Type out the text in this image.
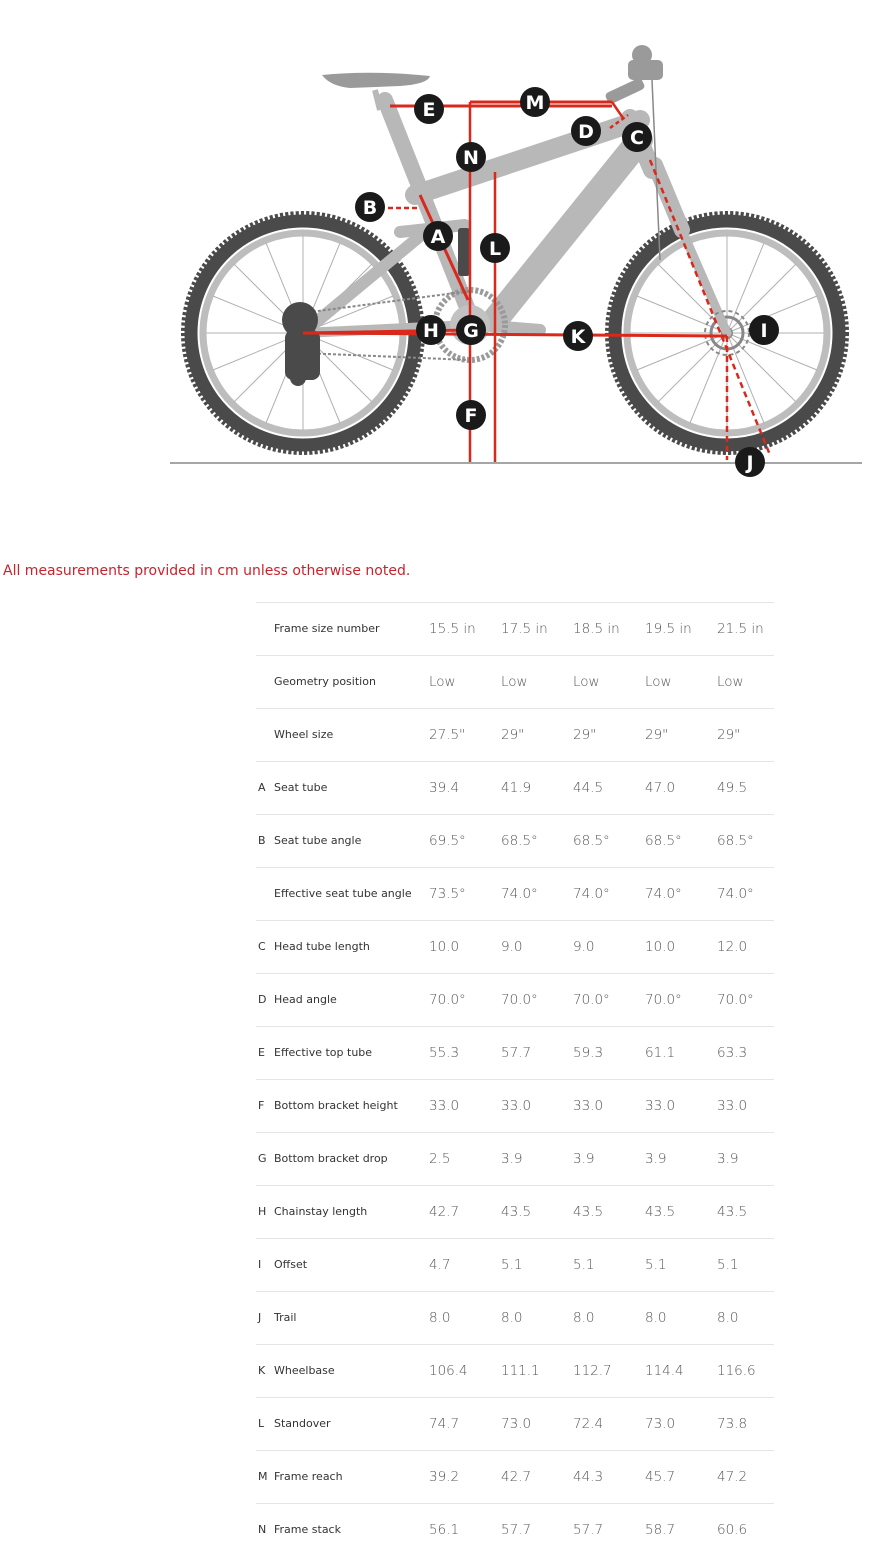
A
B
C
D
E
F
G
H	I
J
K
L
M
N
All measurements provided in cm unless otherwise noted.
Frame size number	15.5 in 17.5 in 18.5 in 19.5 in 21.5 in
Geometry position	Low	Low	Low	Low	Low
Wheel size	27.5"	29"	29"	29"	29"
A Seat tube	39.4	41.9	44.5	47.0	49.5
B Seat tube angle	69.5°	68.5°	68.5°	68.5°	68.5°
Effective seat tube angle 73.5°	74.0°	74.0°	74.0°	74.0°
C Head tube length	10.0	9.0	9.0	10.0	12.0
D Head angle	70.0°	70.0°	70.0°	70.0°	70.0°
E Effective top tube	55.3	57.7	59.3	61.1	63.3
F Bottom bracket height 33.0	33.0	33.0	33.0	33.0
G Bottom bracket drop	2.5	3.9	3.9	3.9	3.9
H Chainstay length	42.7	43.5	43.5	43.5	43.5
I Offset	4.7	5.1	5.1	5.1	5.1
J Trail	8.0	8.0	8.0	8.0	8.0
K Wheelbase	106.4 111.1 112.7 114.4 116.6
L Standover	74.7	73.0	72.4	73.0	73.8
M Frame reach	39.2	42.7	44.3	45.7	47.2
N Frame stack	56.1	57.7	57.7	58.7	60.6
